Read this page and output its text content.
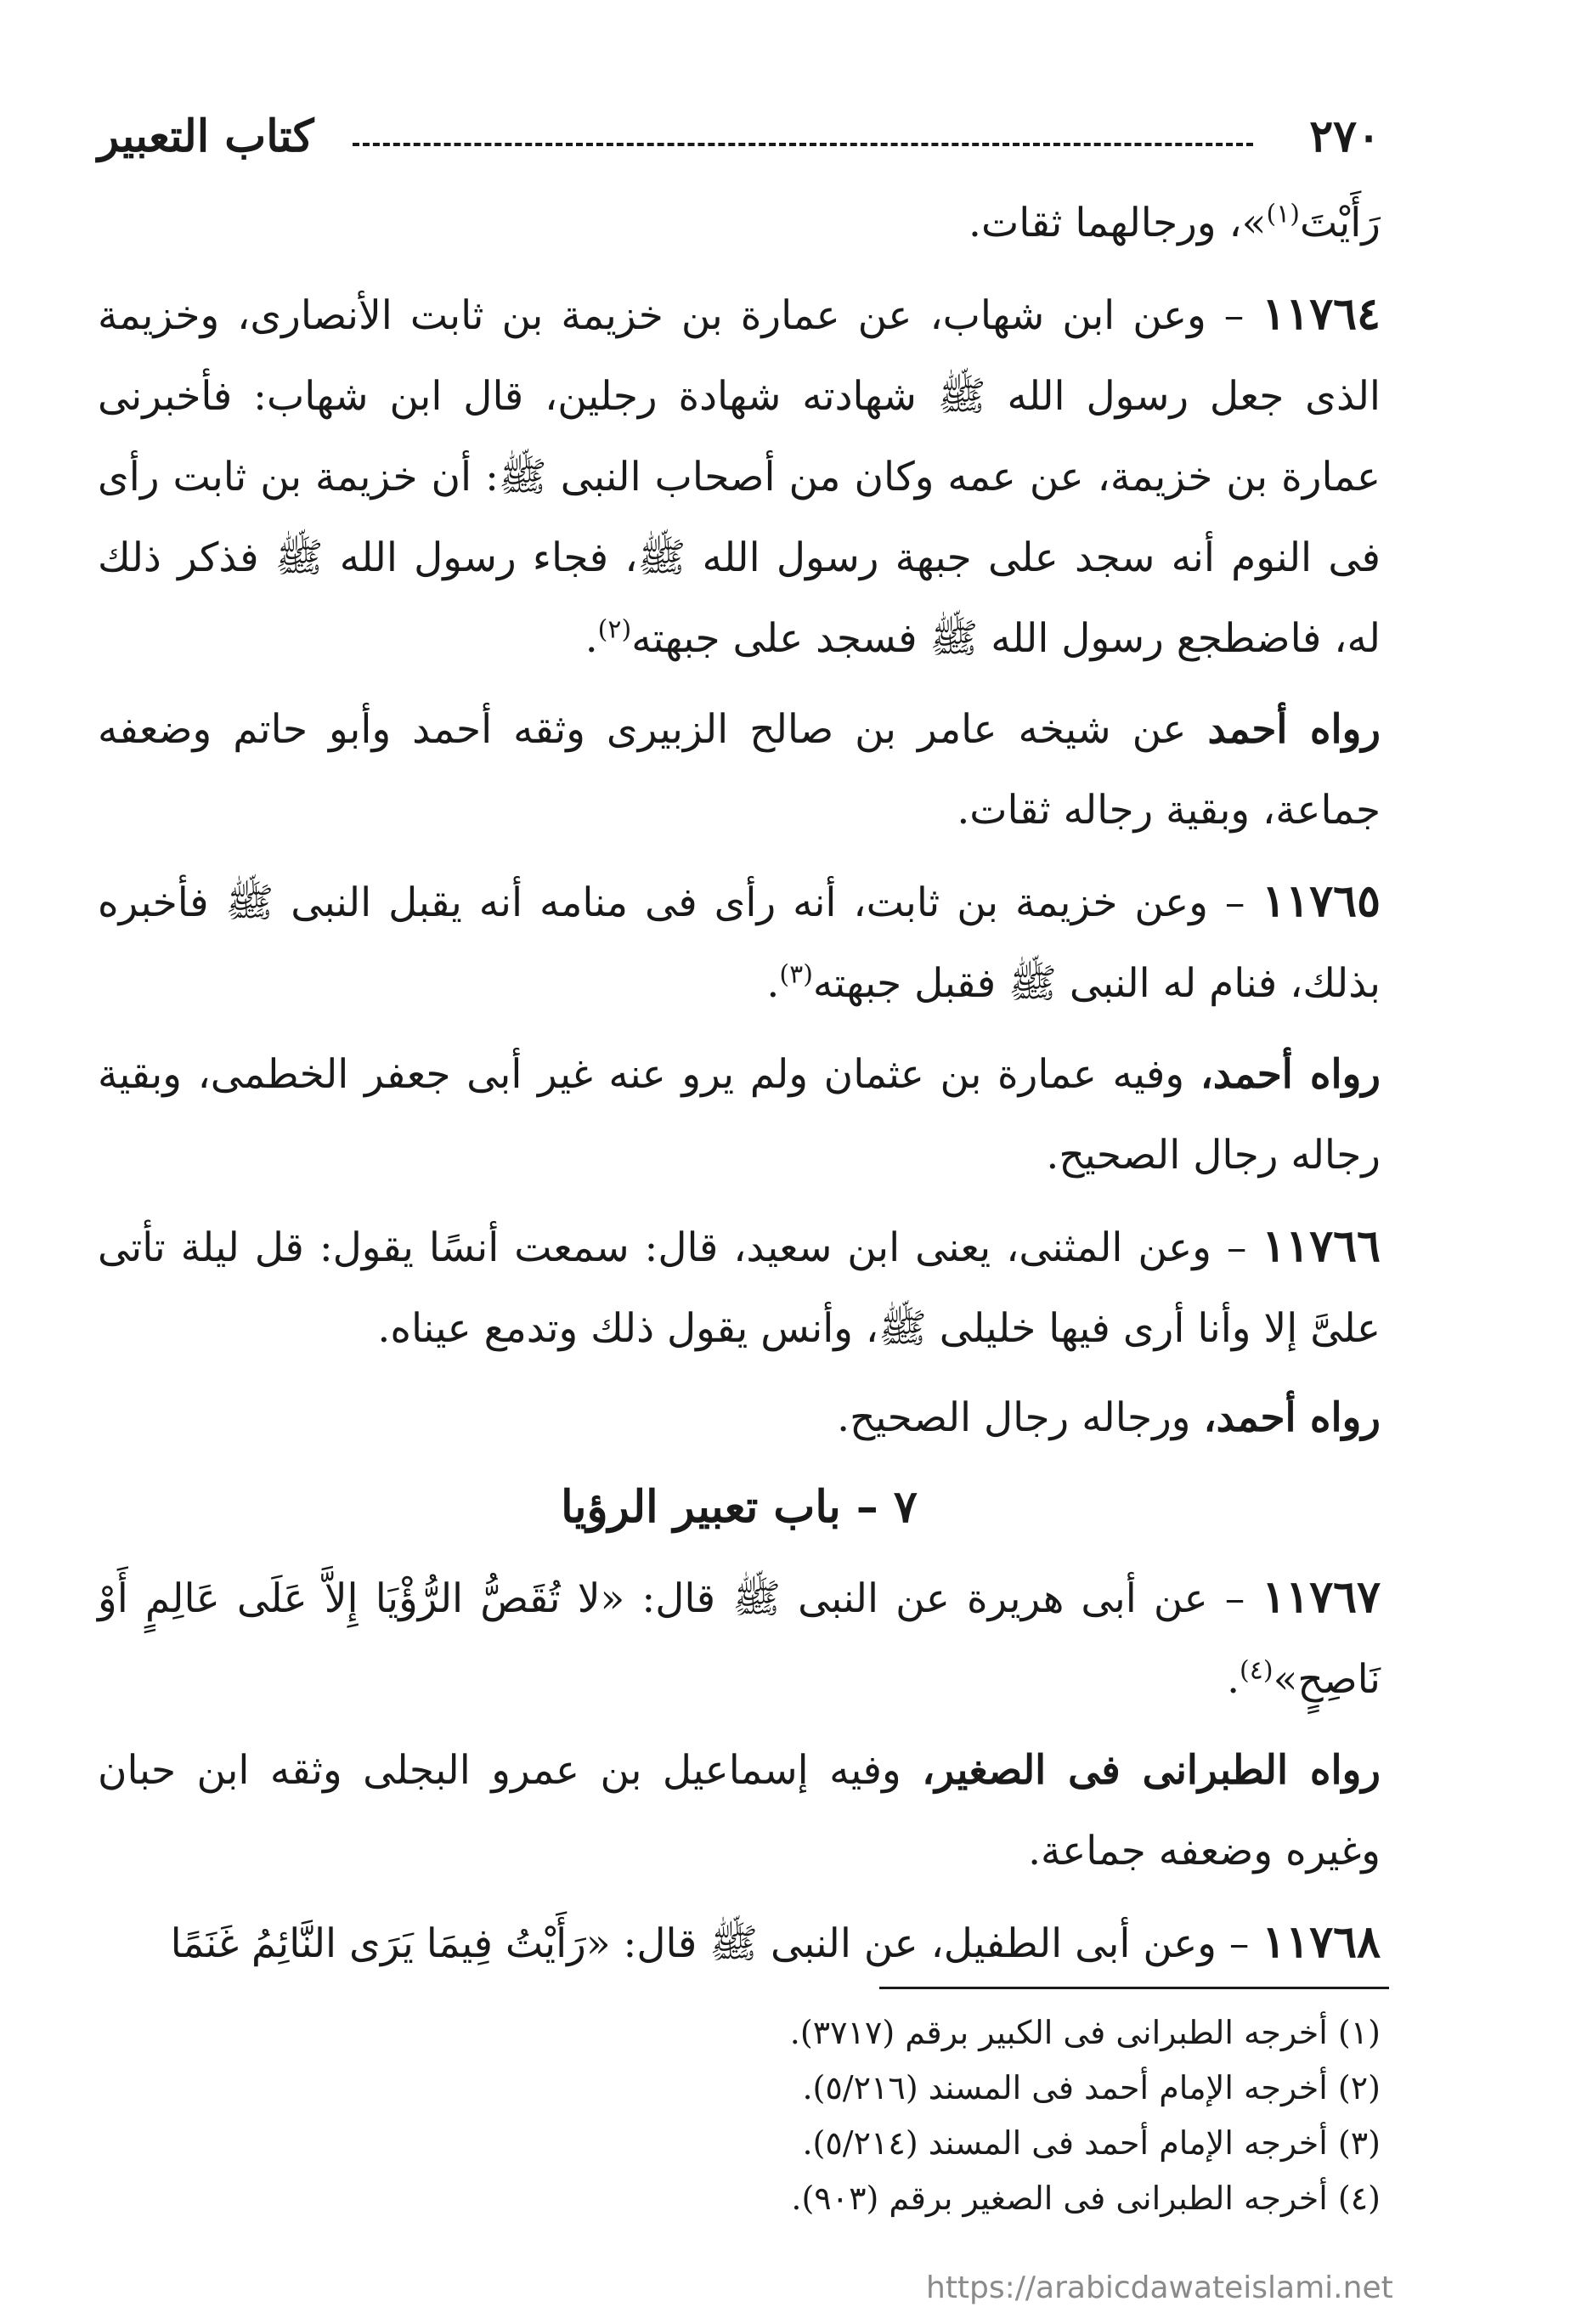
٢٧٠
كتاب التعبير

رَأَيْتَ$^{(١)}$»، ورجالهما ثقات.

١١٧٦٤ – وعن ابن شهاب، عن عمارة بن خزيمة بن ثابت الأنصارى، وخزيمة الذى جعل رسول الله ﷺ شهادته شهادة رجلين، قال ابن شهاب: فأخبرنى عمارة بن خزيمة، عن عمه وكان من أصحاب النبى ﷺ: أن خزيمة بن ثابت رأى فى النوم أنه سجد على جبهة رسول الله ﷺ، فجاء رسول الله ﷺ فذكر ذلك له، فاضطجع رسول الله ﷺ فسجد على جبهته$^{(٢)}$.

رواه أحمد عن شيخه عامر بن صالح الزبيرى وثقه أحمد وأبو حاتم وضعفه جماعة، وبقية رجاله ثقات.

١١٧٦٥ – وعن خزيمة بن ثابت، أنه رأى فى منامه أنه يقبل النبى ﷺ فأخبره بذلك، فنام له النبى ﷺ فقبل جبهته$^{(٣)}$.

رواه أحمد، وفيه عمارة بن عثمان ولم يرو عنه غير أبى جعفر الخطمى، وبقية رجاله رجال الصحيح.

١١٧٦٦ – وعن المثنى، يعنى ابن سعيد، قال: سمعت أنسًا يقول: قل ليلة تأتى علىَّ إلا وأنا أرى فيها خليلى ﷺ، وأنس يقول ذلك وتدمع عيناه.

رواه أحمد، ورجاله رجال الصحيح.

٧ – باب تعبير الرؤيا

١١٧٦٧ – عن أبى هريرة عن النبى ﷺ قال: «لا تُقَصُّ الرُّؤْيَا إِلاَّ عَلَى عَالِمٍ أَوْ نَاصِحٍ»$^{(٤)}$.

رواه الطبرانى فى الصغير، وفيه إسماعيل بن عمرو البجلى وثقه ابن حبان وغيره وضعفه جماعة.

١١٧٦٨ – وعن أبى الطفيل، عن النبى ﷺ قال: «رَأَيْتُ فِيمَا يَرَى النَّائِمُ غَنَمًا

(١) أخرجه الطبرانى فى الكبير برقم (٣٧١٧).
(٢) أخرجه الإمام أحمد فى المسند (٥/٢١٦).
(٣) أخرجه الإمام أحمد فى المسند (٥/٢١٤).
(٤) أخرجه الطبرانى فى الصغير برقم (٩٠٣).
https://arabicdawateislami.net
